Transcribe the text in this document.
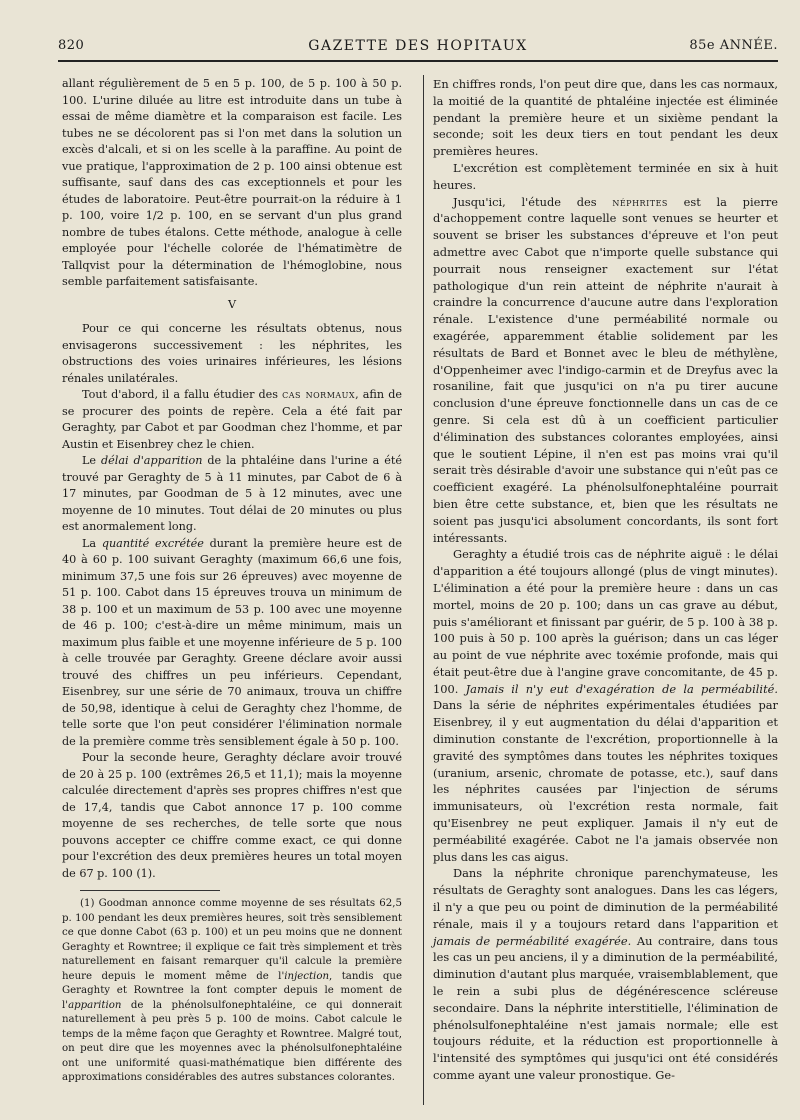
820	GAZETTE DES HOPITAUX	85e ANNÉE.

allant régulièrement de 5 en 5 p. 100, de 5 p. 100 à 50 p. 100. L'urine diluée au litre est introduite dans un tube à essai de même diamètre et la comparaison est facile. Les tubes ne se décolorent pas si l'on met dans la solution un excès d'alcali, et si on les scelle à la paraffine. Au point de vue pratique, l'approximation de 2 p. 100 ainsi obtenue est suffisante, sauf dans des cas exceptionnels et pour les études de laboratoire. Peut-être pourrait-on la réduire à 1 p. 100, voire 1/2 p. 100, en se servant d'un plus grand nombre de tubes étalons. Cette méthode, analogue à celle employée pour l'échelle colorée de l'hématimètre de Tallqvist pour la détermination de l'hémoglobine, nous semble parfaitement satisfaisante.

V

Pour ce qui concerne les résultats obtenus, nous envisagerons successivement : les néphrites, les obstructions des voies urinaires inférieures, les lésions rénales unilatérales.

Tout d'abord, il a fallu étudier des cas normaux, afin de se procurer des points de repère. Cela a été fait par Geraghty, par Cabot et par Goodman chez l'homme, et par Austin et Eisenbrey chez le chien.

Le délai d'apparition de la phtaléine dans l'urine a été trouvé par Geraghty de 5 à 11 minutes, par Cabot de 6 à 17 minutes, par Goodman de 5 à 12 minutes, avec une moyenne de 10 minutes. Tout délai de 20 minutes ou plus est anormalement long.

La quantité excrétée durant la première heure est de 40 à 60 p. 100 suivant Geraghty (maximum 66,6 une fois, minimum 37,5 une fois sur 26 épreuves) avec moyenne de 51 p. 100. Cabot dans 15 épreuves trouva un minimum de 38 p. 100 et un maximum de 53 p. 100 avec une moyenne de 46 p. 100; c'est-à-dire un même minimum, mais un maximum plus faible et une moyenne inférieure de 5 p. 100 à celle trouvée par Geraghty. Greene déclare avoir aussi trouvé des chiffres un peu inférieurs. Cependant, Eisenbrey, sur une série de 70 animaux, trouva un chiffre de 50,98, identique à celui de Geraghty chez l'homme, de telle sorte que l'on peut considérer l'élimination normale de la première comme très sensiblement égale à 50 p. 100.

Pour la seconde heure, Geraghty déclare avoir trouvé de 20 à 25 p. 100 (extrêmes 26,5 et 11,1); mais la moyenne calculée directement d'après ses propres chiffres n'est que de 17,4, tandis que Cabot annonce 17 p. 100 comme moyenne de ses recherches, de telle sorte que nous pouvons accepter ce chiffre comme exact, ce qui donne pour l'excrétion des deux premières heures un total moyen de 67 p. 100 (1).

(1) Goodman annonce comme moyenne de ses résultats 62,5 p. 100 pendant les deux premières heures, soit très sensiblement ce que donne Cabot (63 p. 100) et un peu moins que ne donnent Geraghty et Rowntree; il explique ce fait très simplement et très naturellement en faisant remarquer qu'il calcule la première heure depuis le moment même de l'injection, tandis que Geraghty et Rowntree la font compter depuis le moment de l'apparition de la phénolsulfonephtaléine, ce qui donnerait naturellement à peu près 5 p. 100 de moins. Cabot calcule le temps de la même façon que Geraghty et Rowntree. Malgré tout, on peut dire que les moyennes avec la phénolsulfonephtaléine ont une uniformité quasi-mathématique bien différente des approximations considérables des autres substances colorantes.

En chiffres ronds, l'on peut dire que, dans les cas normaux, la moitié de la quantité de phtaléine injectée est éliminée pendant la première heure et un sixième pendant la seconde; soit les deux tiers en tout pendant les deux premières heures.

L'excrétion est complètement terminée en six à huit heures.

Jusqu'ici, l'étude des néphrites est la pierre d'achoppement contre laquelle sont venues se heurter et souvent se briser les substances d'épreuve et l'on peut admettre avec Cabot que n'importe quelle substance qui pourrait nous renseigner exactement sur l'état pathologique d'un rein atteint de néphrite n'aurait à craindre la concurrence d'aucune autre dans l'exploration rénale. L'existence d'une perméabilité normale ou exagérée, apparemment établie solidement par les résultats de Bard et Bonnet avec le bleu de méthylène, d'Oppenheimer avec l'indigo-carmin et de Dreyfus avec la rosaniline, fait que jusqu'ici on n'a pu tirer aucune conclusion d'une épreuve fonctionnelle dans un cas de ce genre. Si cela est dû à un coefficient particulier d'élimination des substances colorantes employées, ainsi que le soutient Lépine, il n'en est pas moins vrai qu'il serait très désirable d'avoir une substance qui n'eût pas ce coefficient exagéré. La phénolsulfonephtaléine pourrait bien être cette substance, et, bien que les résultats ne soient pas jusqu'ici absolument concordants, ils sont fort intéressants.

Geraghty a étudié trois cas de néphrite aiguë : le délai d'apparition a été toujours allongé (plus de vingt minutes). L'élimination a été pour la première heure : dans un cas mortel, moins de 20 p. 100; dans un cas grave au début, puis s'améliorant et finissant par guérir, de 5 p. 100 à 38 p. 100 puis à 50 p. 100 après la guérison; dans un cas léger au point de vue néphrite avec toxémie profonde, mais qui était peut-être due à l'angine grave concomitante, de 45 p. 100. Jamais il n'y eut d'exagération de la perméabilité. Dans la série de néphrites expérimentales étudiées par Eisenbrey, il y eut augmentation du délai d'apparition et diminution constante de l'excrétion, proportionnelle à la gravité des symptômes dans toutes les néphrites toxiques (uranium, arsenic, chromate de potasse, etc.), sauf dans les néphrites causées par l'injection de sérums immunisateurs, où l'excrétion resta normale, fait qu'Eisenbrey ne peut expliquer. Jamais il n'y eut de perméabilité exagérée. Cabot ne l'a jamais observée non plus dans les cas aigus.

Dans la néphrite chronique parenchymateuse, les résultats de Geraghty sont analogues. Dans les cas légers, il n'y a que peu ou point de diminution de la perméabilité rénale, mais il y a toujours retard dans l'apparition et jamais de perméabilité exagérée. Au contraire, dans tous les cas un peu anciens, il y a diminution de la perméabilité, diminution d'autant plus marquée, vraisemblablement, que le rein a subi plus de dégénérescence scléreuse secondaire. Dans la néphrite interstitielle, l'élimination de phénolsulfonephtaléine n'est jamais normale; elle est toujours réduite, et la réduction est proportionnelle à l'intensité des symptômes qui jusqu'ici ont été considérés comme ayant une valeur pronostique. Ge-
